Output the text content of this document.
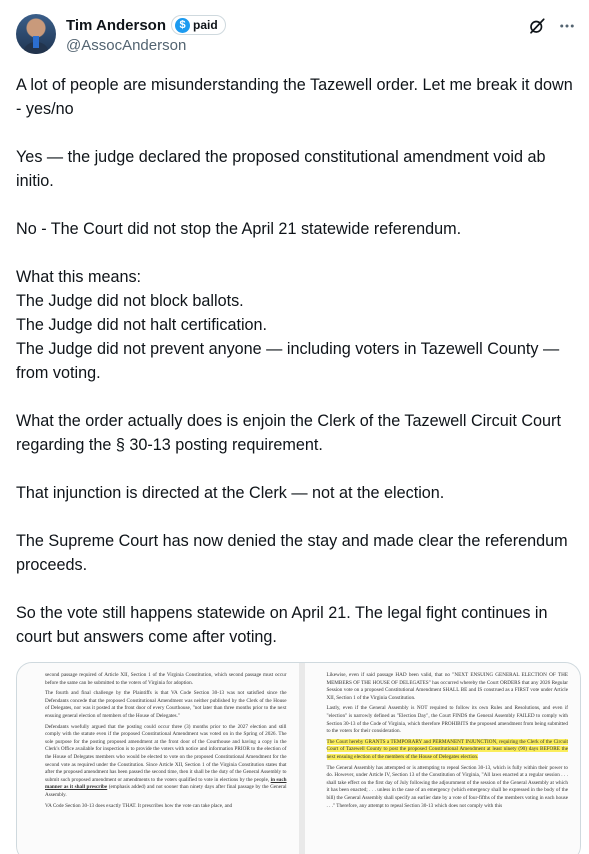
Tim Anderson	$ paid
@AssocAnderson

A lot of people are misunderstanding the Tazewell order. Let me break it down - yes/no

Yes — the judge declared the proposed constitutional amendment void ab initio.

No - The Court did not stop the April 21 statewide referendum.

What this means:

The Judge did not block ballots.

The Judge did not halt certification.

The Judge did not prevent anyone — including voters in Tazewell County — from voting.

What the order actually does is enjoin the Clerk of the Tazewell Circuit Court regarding the § 30-13 posting requirement.

That injunction is directed at the Clerk — not at the election.

The Supreme Court has now denied the stay and made clear the referendum proceeds.

So the vote still happens statewide on April 21. The legal fight continues in court but answers come after voting.

second passage required of Article XII, Section 1 of the Virginia Constitution, which second passage must occur before the same can be submitted to the voters of Virginia for adoption.

The fourth and final challenge by the Plaintiffs is that VA Code Section 30-13 was not satisfied since the Defendants concede that the proposed Constitutional Amendment was neither published by the Clerk of the House of Delegates, nor was it posted at the front door of every Courthouse, "not later than three months prior to the next ensuing general election of members of the House of Delegates."

Defendants woefully argued that the posting could occur three (3) months prior to the 2027 election and still comply with the statute even if the proposed Constitutional Amendment was voted on in the Spring of 2026. The sole purpose for the posting proposed amendment at the front door of the Courthouse and having a copy in the Clerk's Office available for inspection is to provide the voters with notice and information PRIOR to the election of the House of Delegates members who would be elected to vote on the proposed Constitutional Amendment for the second vote as required under the Constitution. Since Article XII, Section 1 of the Virginia Constitution states that after the proposed amendment has been passed the second time, then it shall be the duty of the General Assembly to submit such proposed amendment or amendments to the voters qualified to vote in elections by the people, in such manner as it shall prescribe (emphasis added) and not sooner than ninety days after final passage by the General Assembly.

VA Code Section 30-13 does exactly THAT. It prescribes how the vote can take place, and

Likewise, even if said passage HAD been valid, that no "NEXT ENSUING GENERAL ELECTION OF THE MEMBERS OF THE HOUSE OF DELEGATES" has occurred whereby the Court ORDERS that any 2026 Regular Session vote on a proposed Constitutional Amendment SHALL BE and IS construed as a FIRST vote under Article XII, Section 1 of the Virginia Constitution.

Lastly, even if the General Assembly is NOT required to follow its own Rules and Resolutions, and even if "election" is narrowly defined as "Election Day", the Court FINDS the General Assembly FAILED to comply with Section 30-13 of the Code of Virginia, which therefore PROHIBITS the proposed amendment from being submitted to the voters for their consideration.

The Court hereby GRANTS a TEMPORARY and PERMANENT INJUNCTION, requiring the Clerk of the Circuit Court of Tazewell County to post the proposed Constitutional Amendment at least ninety (90) days BEFORE the next ensuing election of the members of the House of Delegates election.

The General Assembly has attempted or is attempting to repeal Section 30-13, which is fully within their power to do. However, under Article IV, Section 13 of the Constitution of Virginia, "All laws enacted at a regular session . . . shall take effect on the first day of July following the adjournment of the session of the General Assembly at which it has been enacted; . . . unless in the case of an emergency (which emergency shall be expressed in the body of the bill) the General Assembly shall specify an earlier date by a vote of four-fifths of the members voting in each house . . ." Therefore, any attempt to repeal Section 30-13 which does not comply with this
